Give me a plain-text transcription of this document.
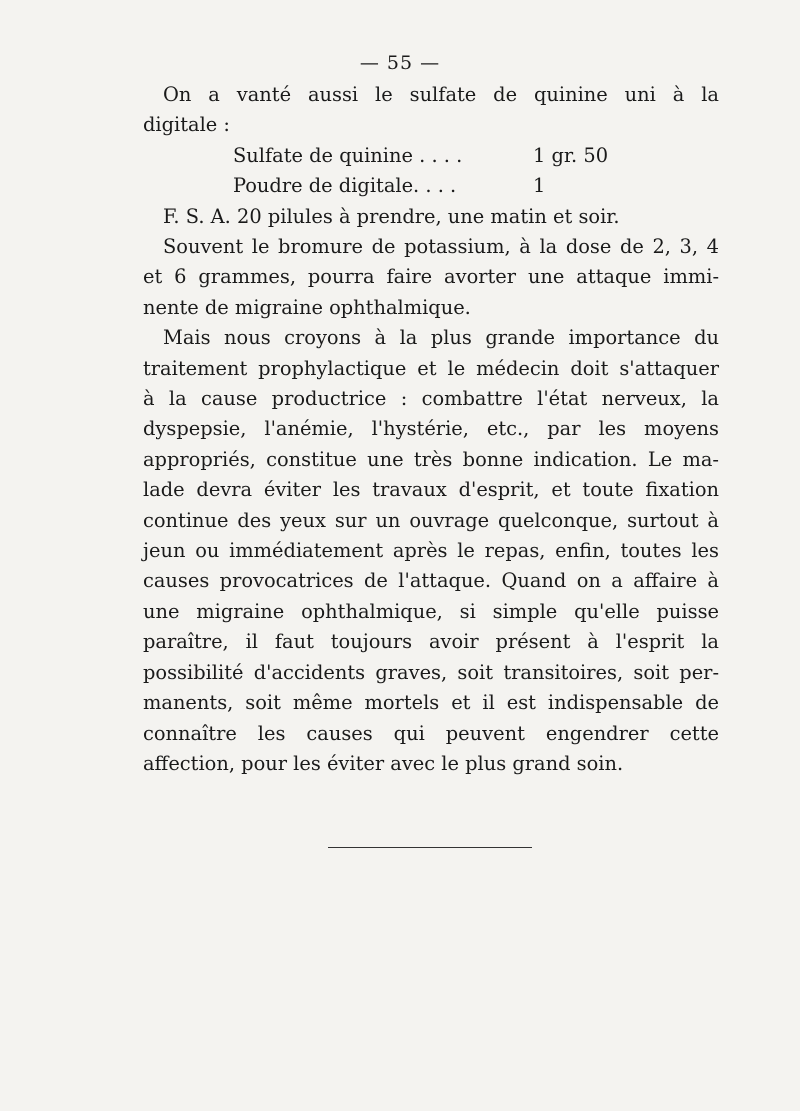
— 55 —

On a vanté aussi le sulfate de quinine uni à la
digitale :

Sulfate de quinine . . . .	1 gr. 50
Poudre de digitale. . . .	1

F. S. A. 20 pilules à prendre, une matin et soir.

Souvent le bromure de potassium, à la dose de 2, 3, 4
et 6 grammes, pourra faire avorter une attaque immi-
nente de migraine ophthalmique.

Mais nous croyons à la plus grande importance du
traitement prophylactique et le médecin doit s'attaquer
à la cause productrice : combattre l'état nerveux, la
dyspepsie, l'anémie, l'hystérie, etc., par les moyens
appropriés, constitue une très bonne indication. Le ma-
lade devra éviter les travaux d'esprit, et toute fixation
continue des yeux sur un ouvrage quelconque, surtout à
jeun ou immédiatement après le repas, enfin, toutes les
causes provocatrices de l'attaque. Quand on a affaire à
une migraine ophthalmique, si simple qu'elle puisse
paraître, il faut toujours avoir présent à l'esprit la
possibilité d'accidents graves, soit transitoires, soit per-
manents, soit même mortels et il est indispensable de
connaître les causes qui peuvent engendrer cette
affection, pour les éviter avec le plus grand soin.
